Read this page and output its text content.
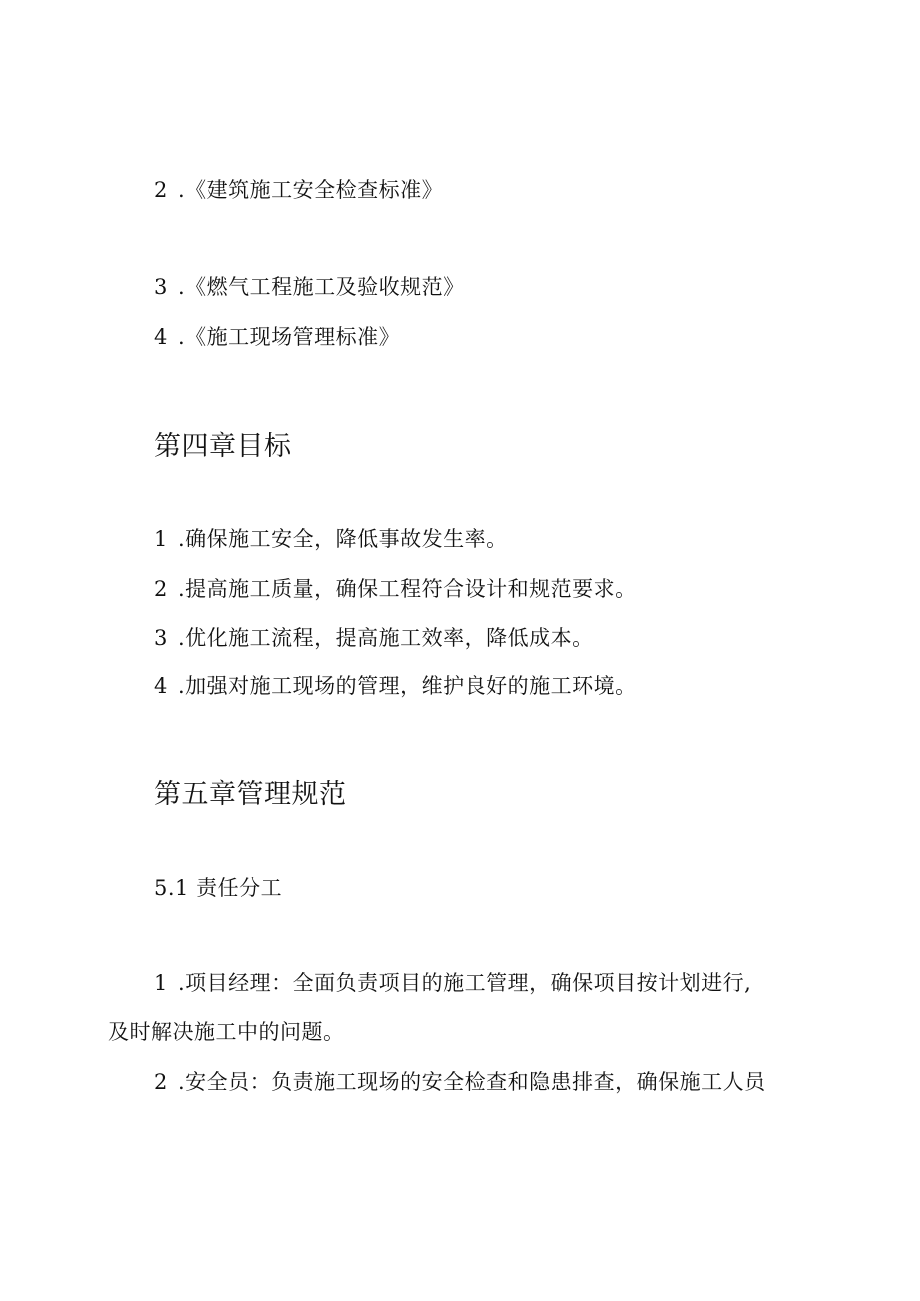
2 .《建筑施工安全检查标准》
3 .《燃气工程施工及验收规范》
4 .《施工现场管理标准》
第四章目标
1 .确保施工安全，降低事故发生率。
2 .提高施工质量，确保工程符合设计和规范要求。
3 .优化施工流程，提高施工效率，降低成本。
4 .加强对施工现场的管理，维护良好的施工环境。
第五章管理规范
5.1 责任分工
1 .项目经理：全面负责项目的施工管理，确保项目按计划进行,
及时解决施工中的问题。
2 .安全员：负责施工现场的安全检查和隐患排查，确保施工人员
